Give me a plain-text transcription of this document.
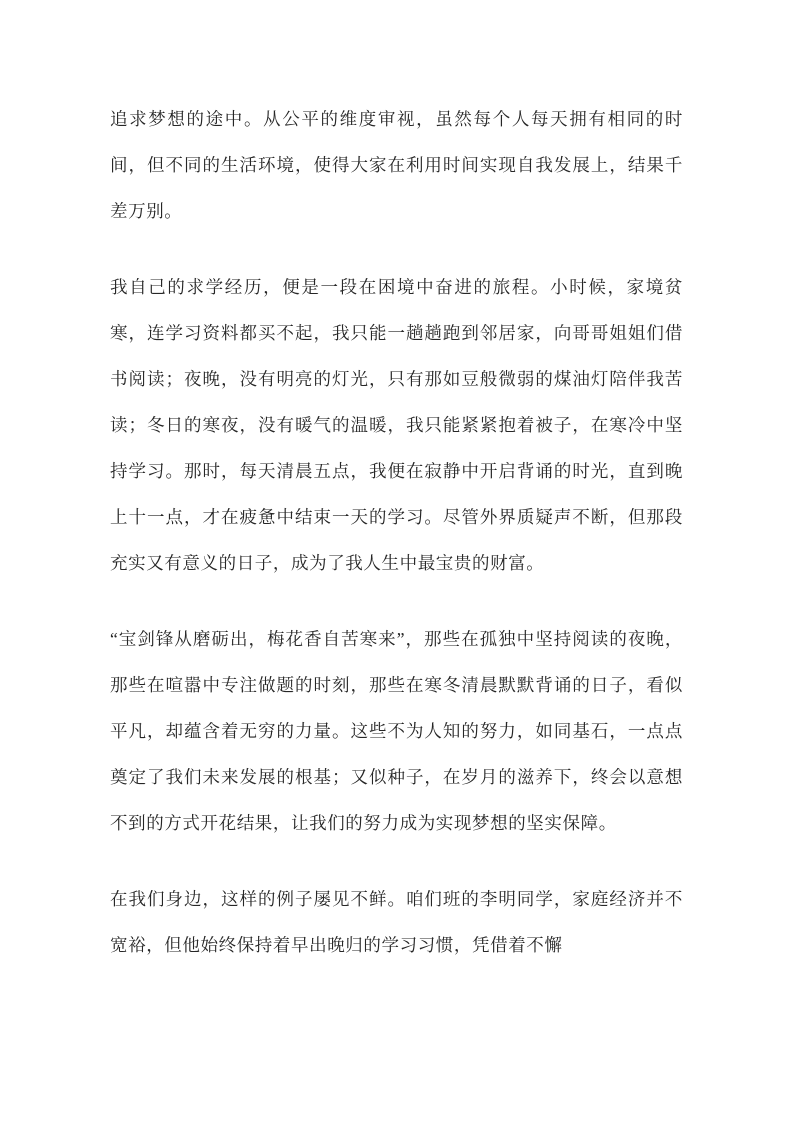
追求梦想的途中。从公平的维度审视，虽然每个人每天拥有相同的时间，但不同的生活环境，使得大家在利用时间实现自我发展上，结果千差万别。

我自己的求学经历，便是一段在困境中奋进的旅程。小时候，家境贫寒，连学习资料都买不起，我只能一趟趟跑到邻居家，向哥哥姐姐们借书阅读；夜晚，没有明亮的灯光，只有那如豆般微弱的煤油灯陪伴我苦读；冬日的寒夜，没有暖气的温暖，我只能紧紧抱着被子，在寒冷中坚持学习。那时，每天清晨五点，我便在寂静中开启背诵的时光，直到晚上十一点，才在疲惫中结束一天的学习。尽管外界质疑声不断，但那段充实又有意义的日子，成为了我人生中最宝贵的财富。

“宝剑锋从磨砺出，梅花香自苦寒来”，那些在孤独中坚持阅读的夜晚，那些在喧嚣中专注做题的时刻，那些在寒冬清晨默默背诵的日子，看似平凡，却蕴含着无穷的力量。这些不为人知的努力，如同基石，一点点奠定了我们未来发展的根基；又似种子，在岁月的滋养下，终会以意想不到的方式开花结果，让我们的努力成为实现梦想的坚实保障。

在我们身边，这样的例子屡见不鲜。咱们班的李明同学，家庭经济并不宽裕，但他始终保持着早出晚归的学习习惯，凭借着不懈
